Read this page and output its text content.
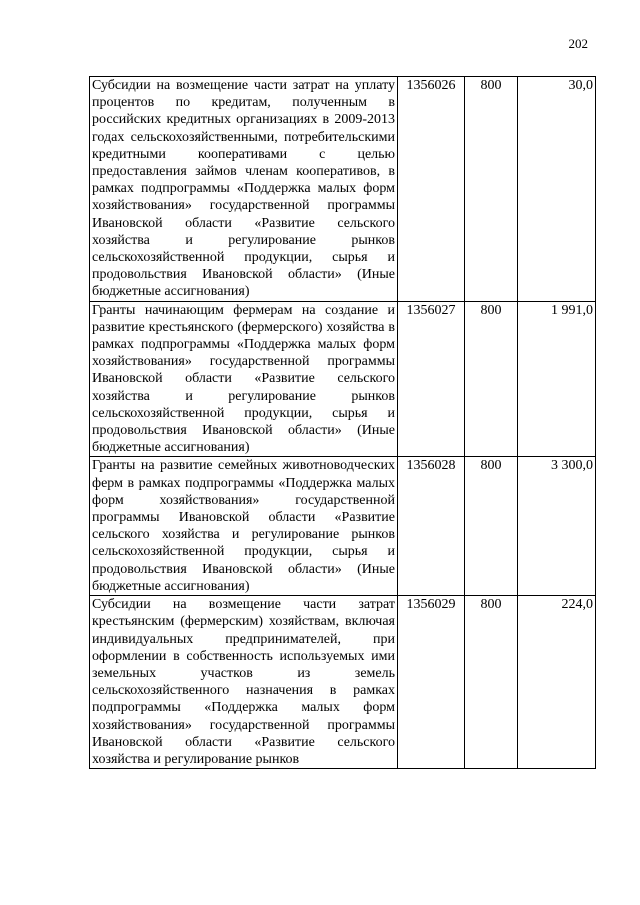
202
Субсидии на возмещение части затрат на уплату процентов по кредитам, полученным в российских кредитных организациях в 2009-2013 годах сельскохозяйственными, потребительскими кредитными кооперативами с целью предоставления займов членам кооперативов, в рамках подпрограммы «Поддержка малых форм хозяйствования» государственной программы Ивановской области «Развитие сельского хозяйства и регулирование рынков сельскохозяйственной продукции, сырья и продовольствия Ивановской области» (Иные бюджетные ассигнования)	1356026	800	30,0
Гранты начинающим фермерам на создание и развитие крестьянского (фермерского) хозяйства в рамках подпрограммы «Поддержка малых форм хозяйствования» государственной программы Ивановской области «Развитие сельского хозяйства и регулирование рынков сельскохозяйственной продукции, сырья и продовольствия Ивановской области» (Иные бюджетные ассигнования)	1356027	800	1 991,0
Гранты на развитие семейных животноводческих ферм в рамках подпрограммы «Поддержка малых форм хозяйствования» государственной программы Ивановской области «Развитие сельского хозяйства и регулирование рынков сельскохозяйственной продукции, сырья и продовольствия Ивановской области» (Иные бюджетные ассигнования)	1356028	800	3 300,0
Субсидии на возмещение части затрат крестьянским (фермерским) хозяйствам, включая индивидуальных предпринимателей, при оформлении в собственность используемых ими земельных участков из земель сельскохозяйственного назначения в рамках подпрограммы «Поддержка малых форм хозяйствования» государственной программы Ивановской области «Развитие сельского хозяйства и регулирование рынков	1356029	800	224,0
